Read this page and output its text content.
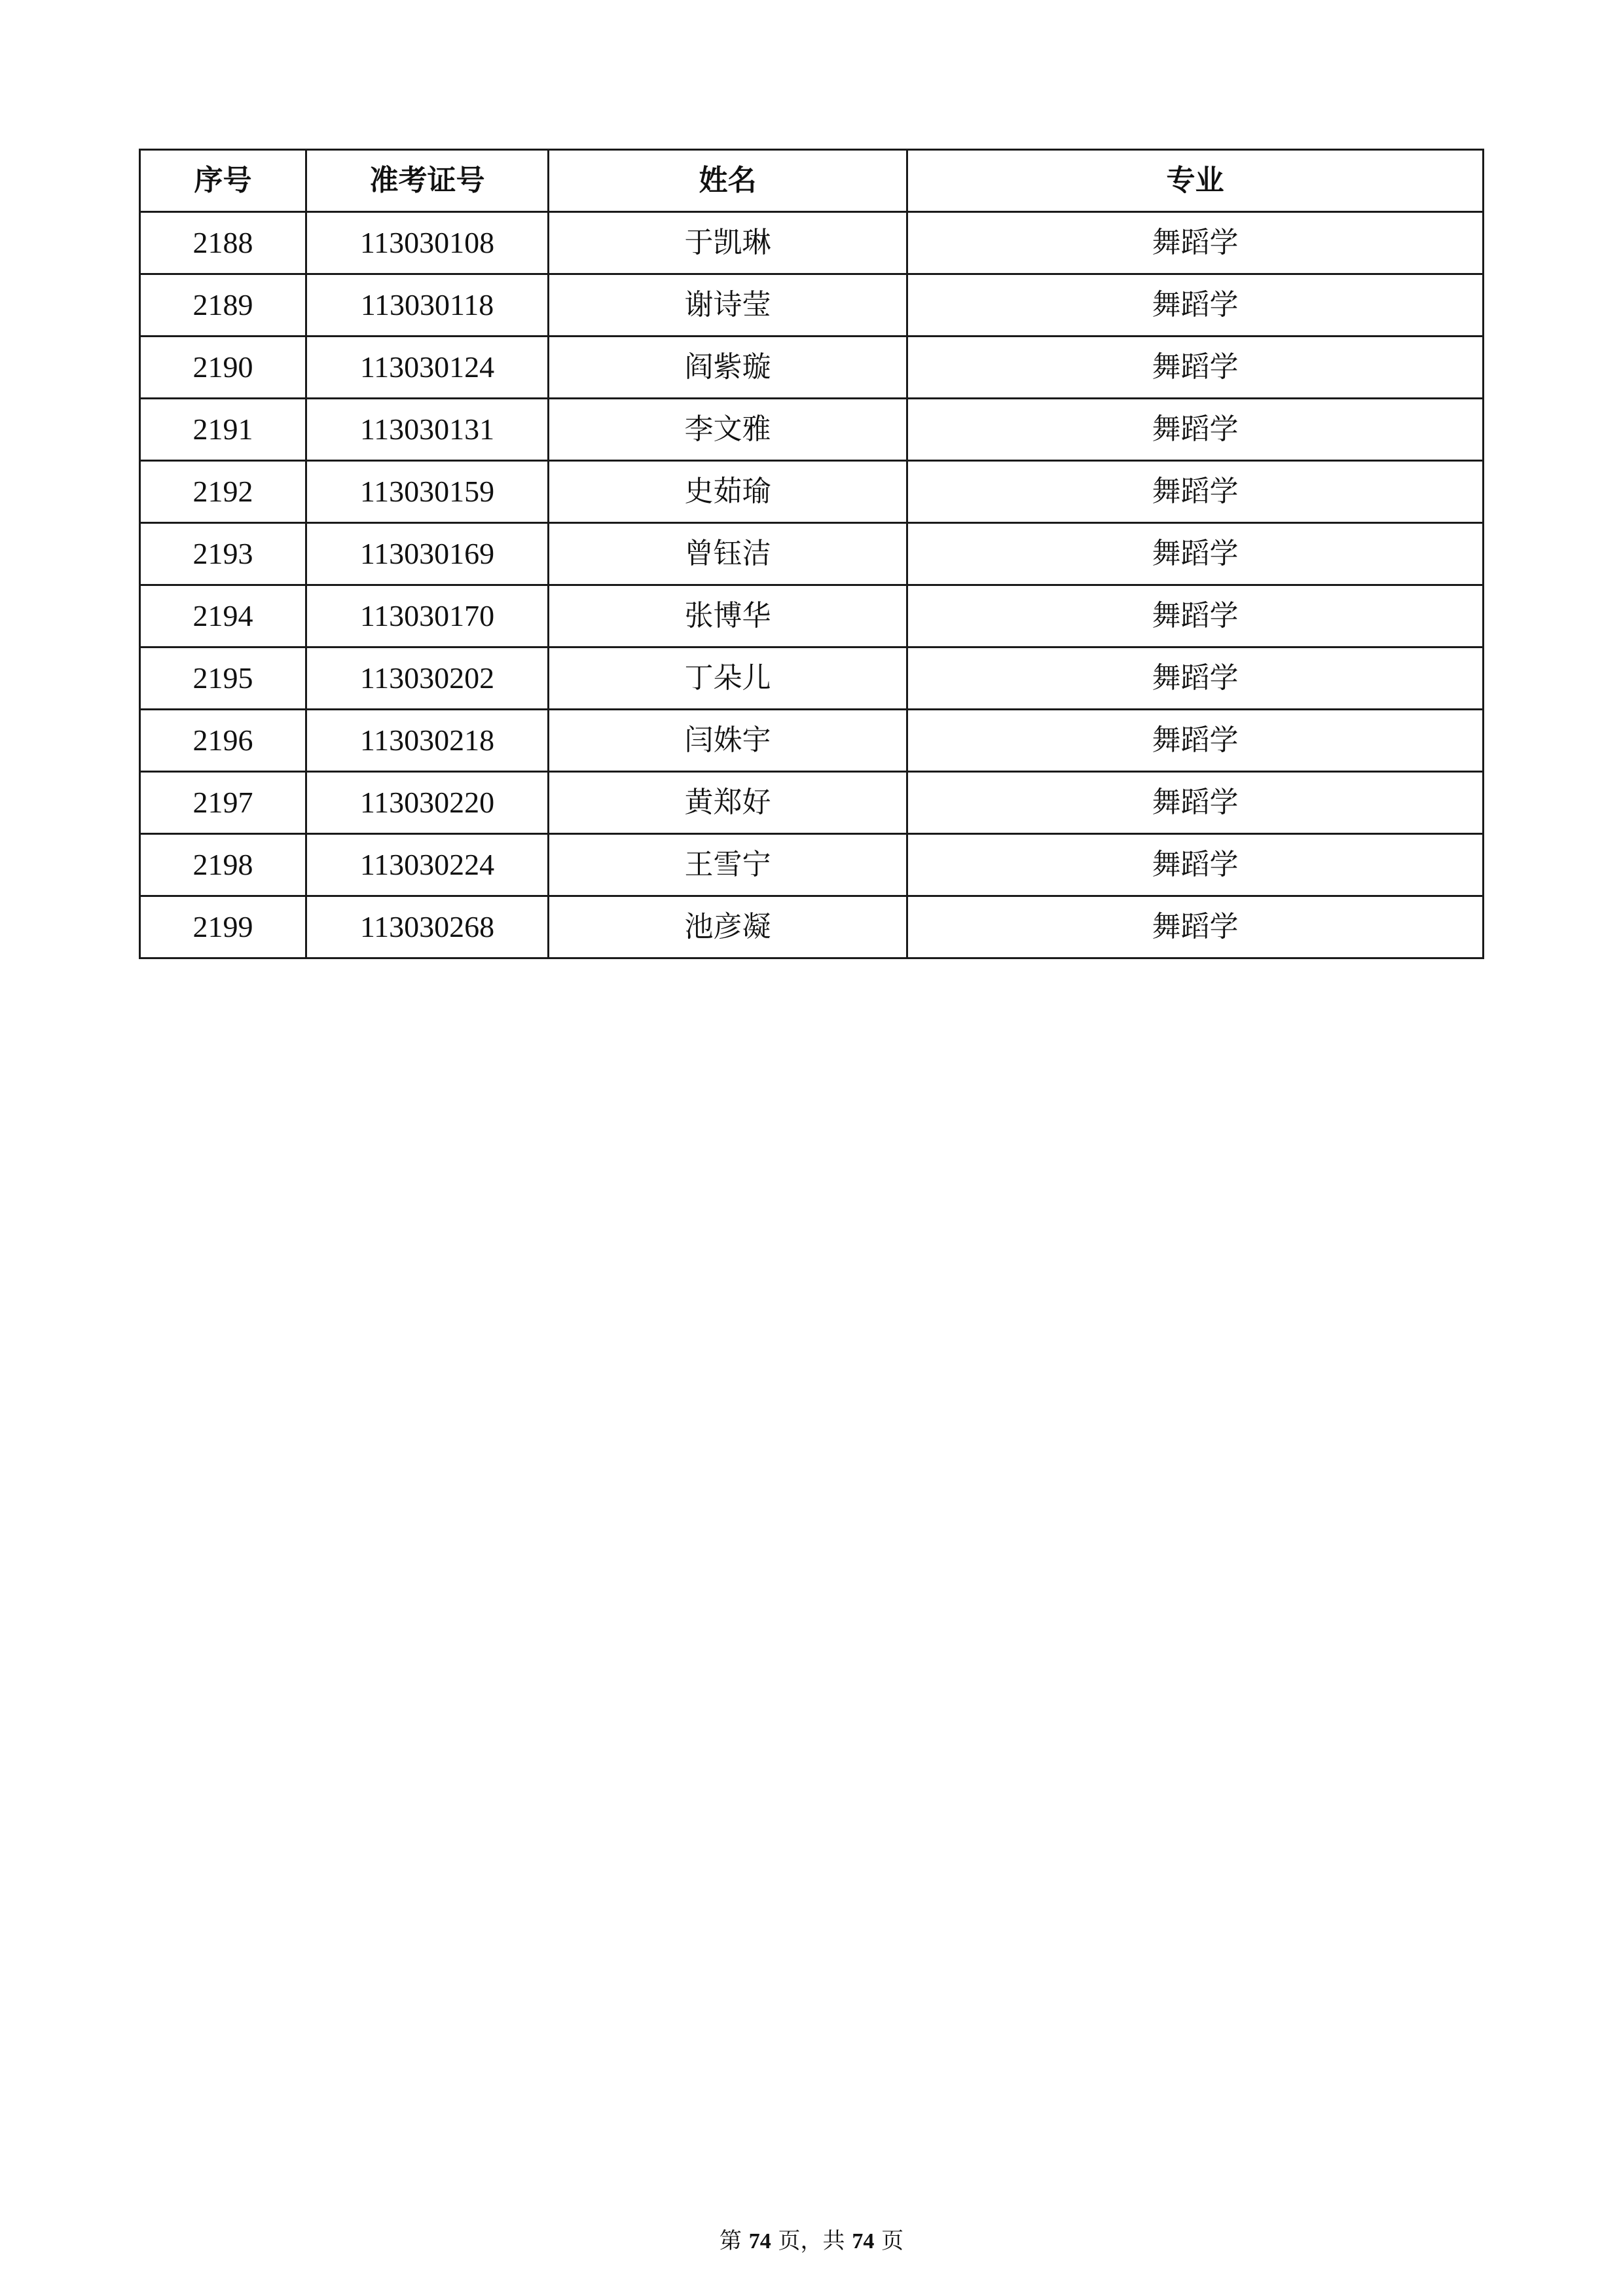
序号	准考证号	姓名	专业
2188	113030108	于凯琳	舞蹈学
2189	113030118	谢诗莹	舞蹈学
2190	113030124	阎紫璇	舞蹈学
2191	113030131	李文雅	舞蹈学
2192	113030159	史茹瑜	舞蹈学
2193	113030169	曾钰洁	舞蹈学
2194	113030170	张博华	舞蹈学
2195	113030202	丁朵儿	舞蹈学
2196	113030218	闫姝宇	舞蹈学
2197	113030220	黄郑好	舞蹈学
2198	113030224	王雪宁	舞蹈学
2199	113030268	池彦凝	舞蹈学
第 74 页，共 74 页
